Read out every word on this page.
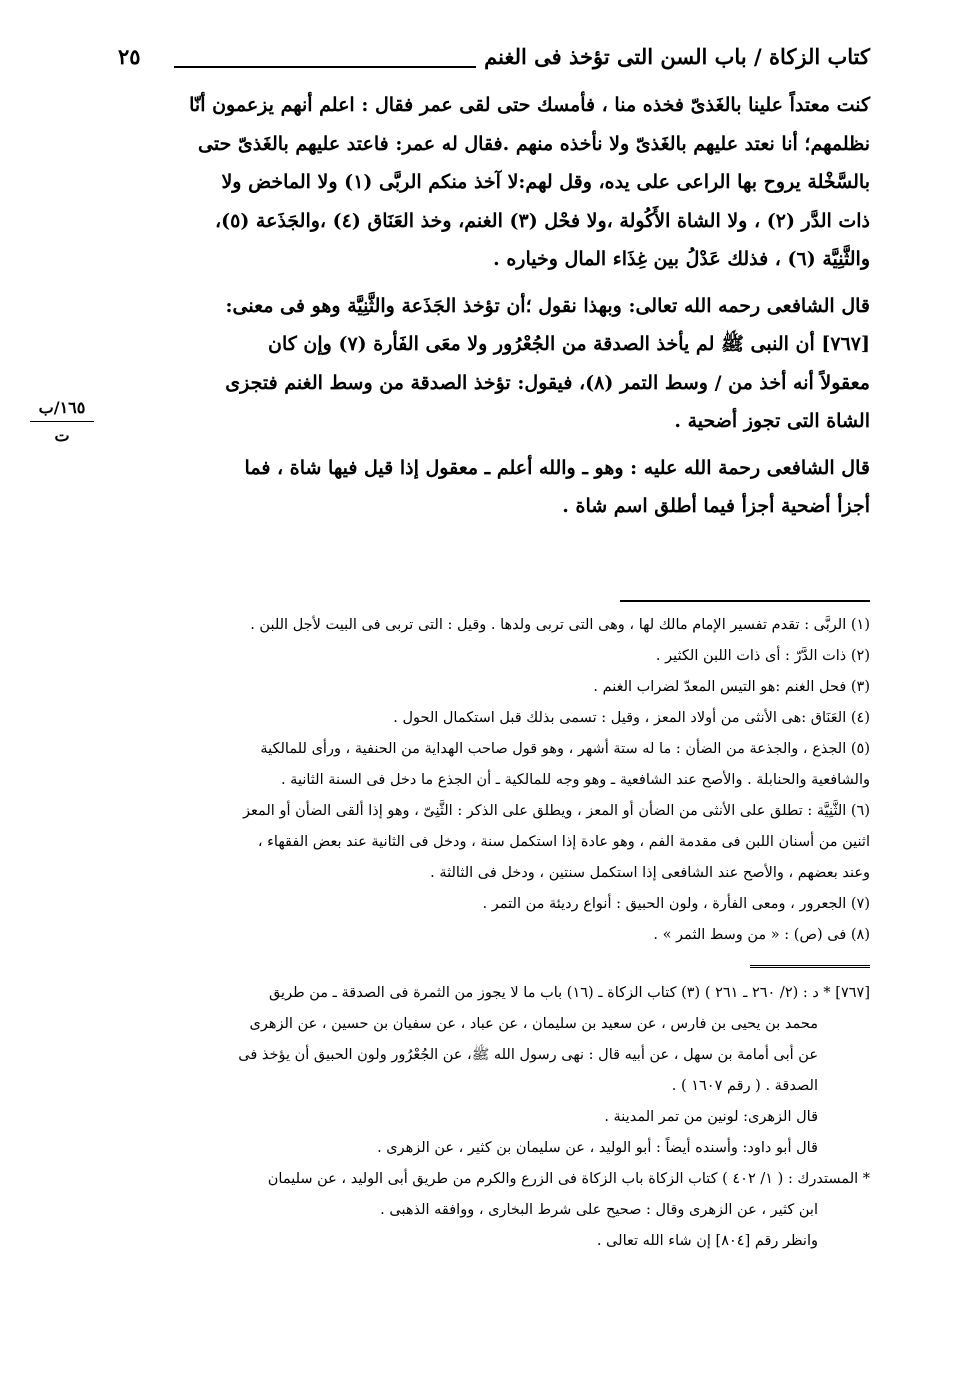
كتاب الزكاة / باب السن التى تؤخذ فى الغنم
٢٥
١٦٥/ب
ت
كنت معتداً علينا بالغَذىّ فخذه منا ، فأمسك حتى لقى عمر فقال : اعلم أنهم يزعمون أنّا
نظلمهم؛ أنا نعتد عليهم بالغَذىّ ولا نأخذه منهم .فقال له عمر: فاعتد عليهم بالغَذىّ حتى
بالسَّخْلة يروح بها الراعى على يده، وقل لهم:لا آخذ منكم الربَّى (١) ولا الماخض ولا
ذات الدَّر (٢) ، ولا الشاة الأَكُولة ،ولا فحْل (٣) الغنم، وخذ العَنَاق (٤) ،والجَذَعة (٥)،
والثَّنِيَّة (٦) ، فذلك عَدْلُ بين غِذَاء المال وخياره .
قال الشافعى رحمه الله تعالى: وبهذا نقول ؛أن تؤخذ الجَذَعة والثَّنِيَّة وهو فى معنى:
[٧٦٧] أن النبى ﷺ لم يأخذ الصدقة من الجُعْرُور ولا معَى الفَأرة (٧) وإن كان
معقولاً أنه أخذ من / وسط التمر (٨)، فيقول: تؤخذ الصدقة من وسط الغنم فتجزى
الشاة التى تجوز أضحية .
قال الشافعى رحمة الله عليه : وهو ـ والله أعلم ـ معقول إذا قيل فيها شاة ، فما
أجزأ أضحية أجزأ فيما أطلق اسم شاة .
(١) الربَّى : تقدم تفسير الإمام مالك لها ، وهى التى تربى ولدها . وقيل : التى تربى فى البيت لأجل اللبن .
(٢) ذات الدَّرّ : أى ذات اللبن الكثير .
(٣) فحل الغنم :هو التيس المعدّ لضراب الغنم .
(٤) العَنَاق :هى الأنثى من أولاد المعز ، وقيل : تسمى بذلك قبل استكمال الحول .
(٥) الجذع ، والجذعة من الضأن : ما له ستة أشهر ، وهو قول صاحب الهداية من الحنفية ، ورأى للمالكية
والشافعية والحنابلة . والأصح عند الشافعية ـ وهو وجه للمالكية ـ أن الجذع ما دخل فى السنة الثانية .
(٦) الثَّنِيَّة : تطلق على الأنثى من الضأن أو المعز ، ويطلق على الذكر : الثَّنِىّ ، وهو إذا ألقى الضأن أو المعز
اثنين من أسنان اللبن فى مقدمة الفم ، وهو عادة إذا استكمل سنة ، ودخل فى الثانية عند بعض الفقهاء ،
وعند بعضهم ، والأصح عند الشافعى إذا استكمل سنتين ، ودخل فى الثالثة .
(٧) الجعرور ، ومعى الفأرة ، ولون الحبيق : أنواع رديئة من التمر .
(٨) فى (ص) : « من وسط الثمر » .
[٧٦٧] * د : (٢/ ٢٦٠ ـ ٢٦١ ) (٣) كتاب الزكاة ـ (١٦) باب ما لا يجوز من الثمرة فى الصدقة ـ من طريق
محمد بن يحيى بن فارس ، عن سعيد بن سليمان ، عن عباد ، عن سفيان بن حسين ، عن الزهرى
عن أبى أمامة بن سهل ، عن أبيه قال : نهى رسول الله ﷺ، عن الجُعْرُور ولون الحبيق أن يؤخذ فى
الصدقة . ( رقم ١٦٠٧ ) .
قال الزهرى: لونين من تمر المدينة .
قال أبو داود: وأسنده أيضاً : أبو الوليد ، عن سليمان بن كثير ، عن الزهرى .
* المستدرك : ( ١/ ٤٠٢ ) كتاب الزكاة باب الزكاة فى الزرع والكرم من طريق أبى الوليد ، عن سليمان
ابن كثير ، عن الزهرى وقال : صحيح على شرط البخارى ، ووافقه الذهبى .
وانظر رقم [٨٠٤] إن شاء الله تعالى .
